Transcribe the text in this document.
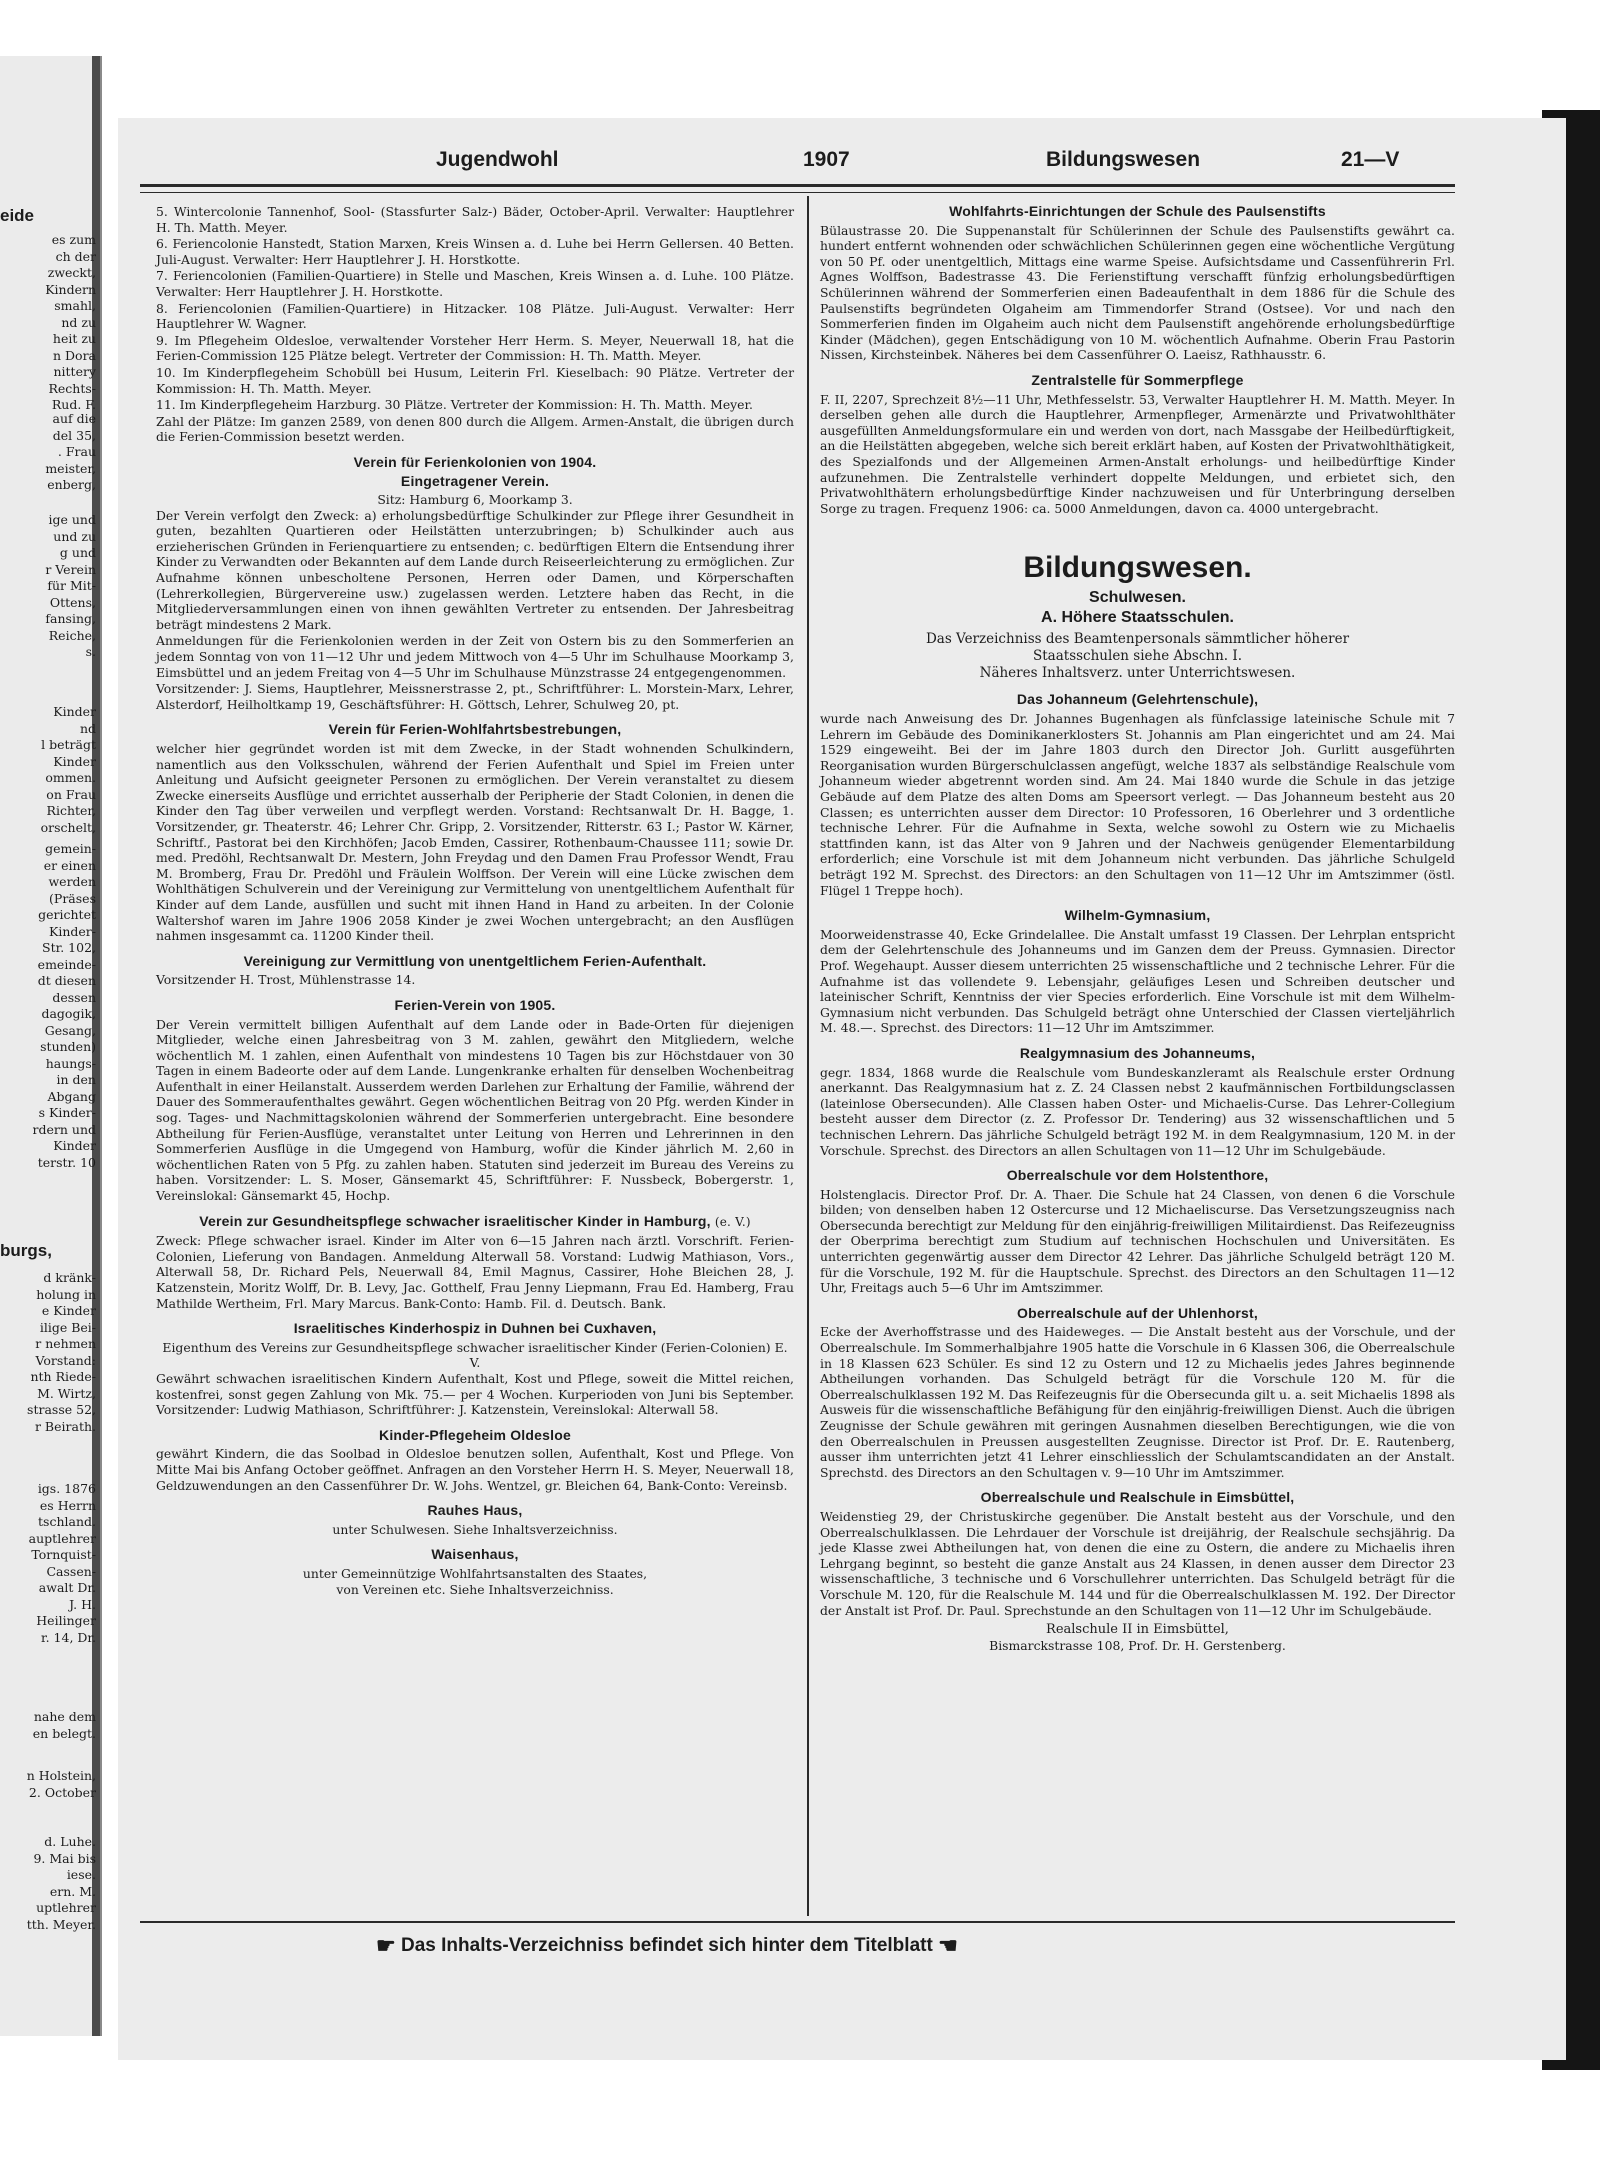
eide
es zum
ch der
zweckt,
Kindern
smahl,
nd zu
heit zu
n Dora
nittery
Rechts-
Rud. F.
auf die
del 35,
. Frau
meister,
enberg,
ige und
und zu
g und
r Verein
für Mit-
Ottens,
fansing,
Reiche,
s.
Kinder
nd
l beträgt
Kinder
ommen.
on Frau
Richter,
orschelt,
gemein-
er einen
werden
(Präses
gerichtet
Kinder-
Str. 102,
emeinde-
dt diesen
dessen
dagogik,
Gesang,
stunden)
haungs-
in den
Abgang
s Kinder-
rdern und
Kinder
terstr. 10
burgs,
d kränk-
holung in
e Kinder
ilige Bei-
r nehmen
Vorstand:
nth Riede-
M. Wirtz,
strasse 52,
r Beirath.
igs. 1876
es Herrn
tschland.
auptlehrer
Tornquist-
Cassen-
awalt Dr.
J. H.
Heilinger
r. 14, Dr.
nahe dem
en belegt.
n Holstein,
2. October
d. Luhe.
9. Mai bis
iese.
ern. M.
uptlehrer
tth. Meyer.
Jugendwohl	1907	Bildungswesen	21—V

5. Wintercolonie Tannenhof, Sool- (Stassfurter Salz-) Bäder, October-April. Verwalter: Hauptlehrer H. Th. Matth. Meyer.

6. Feriencolonie Hanstedt, Station Marxen, Kreis Winsen a. d. Luhe bei Herrn Gellersen. 40 Betten. Juli-August. Verwalter: Herr Hauptlehrer J. H. Horstkotte.

7. Feriencolonien (Familien-Quartiere) in Stelle und Maschen, Kreis Winsen a. d. Luhe. 100 Plätze. Verwalter: Herr Hauptlehrer J. H. Horstkotte.

8. Feriencolonien (Familien-Quartiere) in Hitzacker. 108 Plätze. Juli-August. Verwalter: Herr Hauptlehrer W. Wagner.

9. Im Pflegeheim Oldesloe, verwaltender Vorsteher Herr Herm. S. Meyer, Neuerwall 18, hat die Ferien-Commission 125 Plätze belegt. Vertreter der Commission: H. Th. Matth. Meyer.

10. Im Kinderpflegeheim Schobüll bei Husum, Leiterin Frl. Kieselbach: 90 Plätze. Vertreter der Kommission: H. Th. Matth. Meyer.

11. Im Kinderpflegeheim Harzburg. 30 Plätze. Vertreter der Kommission: H. Th. Matth. Meyer.

Zahl der Plätze: Im ganzen 2589, von denen 800 durch die Allgem. Armen-Anstalt, die übrigen durch die Ferien-Commission besetzt werden.

Verein für Ferienkolonien von 1904.
Eingetragener Verein.
Sitz: Hamburg 6, Moorkamp 3.

Der Verein verfolgt den Zweck: a) erholungsbedürftige Schulkinder zur Pflege ihrer Gesundheit in guten, bezahlten Quartieren oder Heilstätten unterzubringen; b) Schulkinder auch aus erzieherischen Gründen in Ferienquartiere zu entsenden; c. bedürftigen Eltern die Entsendung ihrer Kinder zu Verwandten oder Bekannten auf dem Lande durch Reiseerleichterung zu ermöglichen. Zur Aufnahme können unbescholtene Personen, Herren oder Damen, und Körperschaften (Lehrerkollegien, Bürgervereine usw.) zugelassen werden. Letztere haben das Recht, in die Mitgliederversammlungen einen von ihnen gewählten Vertreter zu entsenden. Der Jahresbeitrag beträgt mindestens 2 Mark.

Anmeldungen für die Ferienkolonien werden in der Zeit von Ostern bis zu den Sommerferien an jedem Sonntag von von 11—12 Uhr und jedem Mittwoch von 4—5 Uhr im Schulhause Moorkamp 3, Eimsbüttel und an jedem Freitag von 4—5 Uhr im Schulhause Münzstrasse 24 entgegengenommen.

Vorsitzender: J. Siems, Hauptlehrer, Meissnerstrasse 2, pt., Schriftführer: L. Morstein-Marx, Lehrer, Alsterdorf, Heilholtkamp 19, Geschäftsführer: H. Göttsch, Lehrer, Schulweg 20, pt.

Verein für Ferien-Wohlfahrtsbestrebungen,

welcher hier gegründet worden ist mit dem Zwecke, in der Stadt wohnenden Schulkindern, namentlich aus den Volksschulen, während der Ferien Aufenthalt und Spiel im Freien unter Anleitung und Aufsicht geeigneter Personen zu ermöglichen. Der Verein veranstaltet zu diesem Zwecke einerseits Ausflüge und errichtet ausserhalb der Peripherie der Stadt Colonien, in denen die Kinder den Tag über verweilen und verpflegt werden. Vorstand: Rechtsanwalt Dr. H. Bagge, 1. Vorsitzender, gr. Theaterstr. 46; Lehrer Chr. Gripp, 2. Vorsitzender, Ritterstr. 63 I.; Pastor W. Kärner, Schriftf., Pastorat bei den Kirchhöfen; Jacob Emden, Cassirer, Rothenbaum-Chaussee 111; sowie Dr. med. Predöhl, Rechtsanwalt Dr. Mestern, John Freydag und den Damen Frau Professor Wendt, Frau M. Bromberg, Frau Dr. Predöhl und Fräulein Wolffson. Der Verein will eine Lücke zwischen dem Wohlthätigen Schulverein und der Vereinigung zur Vermittelung von unentgeltlichem Aufenthalt für Kinder auf dem Lande, ausfüllen und sucht mit ihnen Hand in Hand zu arbeiten. In der Colonie Waltershof waren im Jahre 1906 2058 Kinder je zwei Wochen untergebracht; an den Ausflügen nahmen insgesammt ca. 11200 Kinder theil.

Vereinigung zur Vermittlung von unentgeltlichem Ferien-Aufenthalt.

Vorsitzender H. Trost, Mühlenstrasse 14.

Ferien-Verein von 1905.

Der Verein vermittelt billigen Aufenthalt auf dem Lande oder in Bade-Orten für diejenigen Mitglieder, welche einen Jahresbeitrag von 3 M. zahlen, gewährt den Mitgliedern, welche wöchentlich M. 1 zahlen, einen Aufenthalt von mindestens 10 Tagen bis zur Höchstdauer von 30 Tagen in einem Badeorte oder auf dem Lande. Lungenkranke erhalten für denselben Wochenbeitrag Aufenthalt in einer Heilanstalt. Ausserdem werden Darlehen zur Erhaltung der Familie, während der Dauer des Sommeraufenthaltes gewährt. Gegen wöchentlichen Beitrag von 20 Pfg. werden Kinder in sog. Tages- und Nachmittagskolonien während der Sommerferien untergebracht. Eine besondere Abtheilung für Ferien-Ausflüge, veranstaltet unter Leitung von Herren und Lehrerinnen in den Sommerferien Ausflüge in die Umgegend von Hamburg, wofür die Kinder jährlich M. 2,60 in wöchentlichen Raten von 5 Pfg. zu zahlen haben. Statuten sind jederzeit im Bureau des Vereins zu haben. Vorsitzender: L. S. Moser, Gänsemarkt 45, Schriftführer: F. Nussbeck, Bobergerstr. 1, Vereinslokal: Gänsemarkt 45, Hochp.

Verein zur Gesundheitspflege schwacher israelitischer Kinder in Hamburg, (e. V.)

Zweck: Pflege schwacher israel. Kinder im Alter von 6—15 Jahren nach ärztl. Vorschrift. Ferien-Colonien, Lieferung von Bandagen. Anmeldung Alterwall 58. Vorstand: Ludwig Mathiason, Vors., Alterwall 58, Dr. Richard Pels, Neuerwall 84, Emil Magnus, Cassirer, Hohe Bleichen 28, J. Katzenstein, Moritz Wolff, Dr. B. Levy, Jac. Gotthelf, Frau Jenny Liepmann, Frau Ed. Hamberg, Frau Mathilde Wertheim, Frl. Mary Marcus. Bank-Conto: Hamb. Fil. d. Deutsch. Bank.

Israelitisches Kinderhospiz in Duhnen bei Cuxhaven,
Eigenthum des Vereins zur Gesundheitspflege schwacher israelitischer Kinder (Ferien-Colonien) E. V.

Gewährt schwachen israelitischen Kindern Aufenthalt, Kost und Pflege, soweit die Mittel reichen, kostenfrei, sonst gegen Zahlung von Mk. 75.— per 4 Wochen. Kurperioden von Juni bis September. Vorsitzender: Ludwig Mathiason, Schriftführer: J. Katzenstein, Vereinslokal: Alterwall 58.

Kinder-Pflegeheim Oldesloe

gewährt Kindern, die das Soolbad in Oldesloe benutzen sollen, Aufenthalt, Kost und Pflege. Von Mitte Mai bis Anfang October geöffnet. Anfragen an den Vorsteher Herrn H. S. Meyer, Neuerwall 18, Geldzuwendungen an den Cassenführer Dr. W. Johs. Wentzel, gr. Bleichen 64, Bank-Conto: Vereinsb.

Rauhes Haus,
unter Schulwesen. Siehe Inhaltsverzeichniss.
Waisenhaus,
unter Gemeinnützige Wohlfahrtsanstalten des Staates,
von Vereinen etc. Siehe Inhaltsverzeichniss.
Wohlfahrts-Einrichtungen der Schule des Paulsenstifts

Bülaustrasse 20. Die Suppenanstalt für Schülerinnen der Schule des Paulsenstifts gewährt ca. hundert entfernt wohnenden oder schwächlichen Schülerinnen gegen eine wöchentliche Vergütung von 50 Pf. oder unentgeltlich, Mittags eine warme Speise. Aufsichtsdame und Cassenführerin Frl. Agnes Wolffson, Badestrasse 43. Die Ferienstiftung verschafft fünfzig erholungsbedürftigen Schülerinnen während der Sommerferien einen Badeaufenthalt in dem 1886 für die Schule des Paulsenstifts begründeten Olgaheim am Timmendorfer Strand (Ostsee). Vor und nach den Sommerferien finden im Olgaheim auch nicht dem Paulsenstift angehörende erholungsbedürftige Kinder (Mädchen), gegen Entschädigung von 10 M. wöchentlich Aufnahme. Oberin Frau Pastorin Nissen, Kirchsteinbek. Näheres bei dem Cassenführer O. Laeisz, Rathhausstr. 6.

Zentralstelle für Sommerpflege

F. II, 2207, Sprechzeit 8½—11 Uhr, Methfesselstr. 53, Verwalter Hauptlehrer H. M. Matth. Meyer. In derselben gehen alle durch die Hauptlehrer, Armenpfleger, Armenärzte und Privatwohlthäter ausgefüllten Anmeldungsformulare ein und werden von dort, nach Massgabe der Heilbedürftigkeit, an die Heilstätten abgegeben, welche sich bereit erklärt haben, auf Kosten der Privatwohlthätigkeit, des Spezialfonds und der Allgemeinen Armen-Anstalt erholungs- und heilbedürftige Kinder aufzunehmen. Die Zentralstelle verhindert doppelte Meldungen, und erbietet sich, den Privatwohlthätern erholungsbedürftige Kinder nachzuweisen und für Unterbringung derselben Sorge zu tragen. Frequenz 1906: ca. 5000 Anmeldungen, davon ca. 4000 untergebracht.

Bildungswesen.
Schulwesen.
A. Höhere Staatsschulen.
Das Verzeichniss des Beamtenpersonals sämmtlicher höherer
Staatsschulen siehe Abschn. I.
Näheres Inhaltsverz. unter Unterrichtswesen.
Das Johanneum (Gelehrtenschule),

wurde nach Anweisung des Dr. Johannes Bugenhagen als fünfclassige lateinische Schule mit 7 Lehrern im Gebäude des Dominikanerklosters St. Johannis am Plan eingerichtet und am 24. Mai 1529 eingeweiht. Bei der im Jahre 1803 durch den Director Joh. Gurlitt ausgeführten Reorganisation wurden Bürgerschulclassen angefügt, welche 1837 als selbständige Realschule vom Johanneum wieder abgetrennt worden sind. Am 24. Mai 1840 wurde die Schule in das jetzige Gebäude auf dem Platze des alten Doms am Speersort verlegt. — Das Johanneum besteht aus 20 Classen; es unterrichten ausser dem Director: 10 Professoren, 16 Oberlehrer und 3 ordentliche technische Lehrer. Für die Aufnahme in Sexta, welche sowohl zu Ostern wie zu Michaelis stattfinden kann, ist das Alter von 9 Jahren und der Nachweis genügender Elementarbildung erforderlich; eine Vorschule ist mit dem Johanneum nicht verbunden. Das jährliche Schulgeld beträgt 192 M. Sprechst. des Directors: an den Schultagen von 11—12 Uhr im Amtszimmer (östl. Flügel 1 Treppe hoch).

Wilhelm-Gymnasium,

Moorweidenstrasse 40, Ecke Grindelallee. Die Anstalt umfasst 19 Classen. Der Lehrplan entspricht dem der Gelehrtenschule des Johanneums und im Ganzen dem der Preuss. Gymnasien. Director Prof. Wegehaupt. Ausser diesem unterrichten 25 wissenschaftliche und 2 technische Lehrer. Für die Aufnahme ist das vollendete 9. Lebensjahr, geläufiges Lesen und Schreiben deutscher und lateinischer Schrift, Kenntniss der vier Species erforderlich. Eine Vorschule ist mit dem Wilhelm-Gymnasium nicht verbunden. Das Schulgeld beträgt ohne Unterschied der Classen vierteljährlich M. 48.—. Sprechst. des Directors: 11—12 Uhr im Amtszimmer.

Realgymnasium des Johanneums,

gegr. 1834, 1868 wurde die Realschule vom Bundeskanzleramt als Realschule erster Ordnung anerkannt. Das Realgymnasium hat z. Z. 24 Classen nebst 2 kaufmännischen Fortbildungsclassen (lateinlose Obersecunden). Alle Classen haben Oster- und Michaelis-Curse. Das Lehrer-Collegium besteht ausser dem Director (z. Z. Professor Dr. Tendering) aus 32 wissenschaftlichen und 5 technischen Lehrern. Das jährliche Schulgeld beträgt 192 M. in dem Realgymnasium, 120 M. in der Vorschule. Sprechst. des Directors an allen Schultagen von 11—12 Uhr im Schulgebäude.

Oberrealschule vor dem Holstenthore,

Holstenglacis. Director Prof. Dr. A. Thaer. Die Schule hat 24 Classen, von denen 6 die Vorschule bilden; von denselben haben 12 Ostercurse und 12 Michaeliscurse. Das Versetzungszeugniss nach Obersecunda berechtigt zur Meldung für den einjährig-freiwilligen Militairdienst. Das Reifezeugniss der Oberprima berechtigt zum Studium auf technischen Hochschulen und Universitäten. Es unterrichten gegenwärtig ausser dem Director 42 Lehrer. Das jährliche Schulgeld beträgt 120 M. für die Vorschule, 192 M. für die Hauptschule. Sprechst. des Directors an den Schultagen 11—12 Uhr, Freitags auch 5—6 Uhr im Amtszimmer.

Oberrealschule auf der Uhlenhorst,

Ecke der Averhoffstrasse und des Haideweges. — Die Anstalt besteht aus der Vorschule, und der Oberrealschule. Im Sommerhalbjahre 1905 hatte die Vorschule in 6 Klassen 306, die Oberrealschule in 18 Klassen 623 Schüler. Es sind 12 zu Ostern und 12 zu Michaelis jedes Jahres beginnende Abtheilungen vorhanden. Das Schulgeld beträgt für die Vorschule 120 M. für die Oberrealschulklassen 192 M. Das Reifezeugnis für die Obersecunda gilt u. a. seit Michaelis 1898 als Ausweis für die wissenschaftliche Befähigung für den einjährig-freiwilligen Dienst. Auch die übrigen Zeugnisse der Schule gewähren mit geringen Ausnahmen dieselben Berechtigungen, wie die von den Oberrealschulen in Preussen ausgestellten Zeugnisse. Director ist Prof. Dr. E. Rautenberg, ausser ihm unterrichten jetzt 41 Lehrer einschliesslich der Schulamtscandidaten an der Anstalt. Sprechstd. des Directors an den Schultagen v. 9—10 Uhr im Amtszimmer.

Oberrealschule und Realschule in Eimsbüttel,

Weidenstieg 29, der Christuskirche gegenüber. Die Anstalt besteht aus der Vorschule, und den Oberrealschulklassen. Die Lehrdauer der Vorschule ist dreijährig, der Realschule sechsjährig. Da jede Klasse zwei Abtheilungen hat, von denen die eine zu Ostern, die andere zu Michaelis ihren Lehrgang beginnt, so besteht die ganze Anstalt aus 24 Klassen, in denen ausser dem Director 23 wissenschaftliche, 3 technische und 6 Vorschullehrer unterrichten. Das Schulgeld beträgt für die Vorschule M. 120, für die Realschule M. 144 und für die Oberrealschulklassen M. 192. Der Director der Anstalt ist Prof. Dr. Paul. Sprechstunde an den Schultagen von 11—12 Uhr im Schulgebäude.

Realschule II in Eimsbüttel,
Bismarckstrasse 108, Prof. Dr. H. Gerstenberg.
☛ Das Inhalts-Verzeichniss befindet sich hinter dem Titelblatt ☚
